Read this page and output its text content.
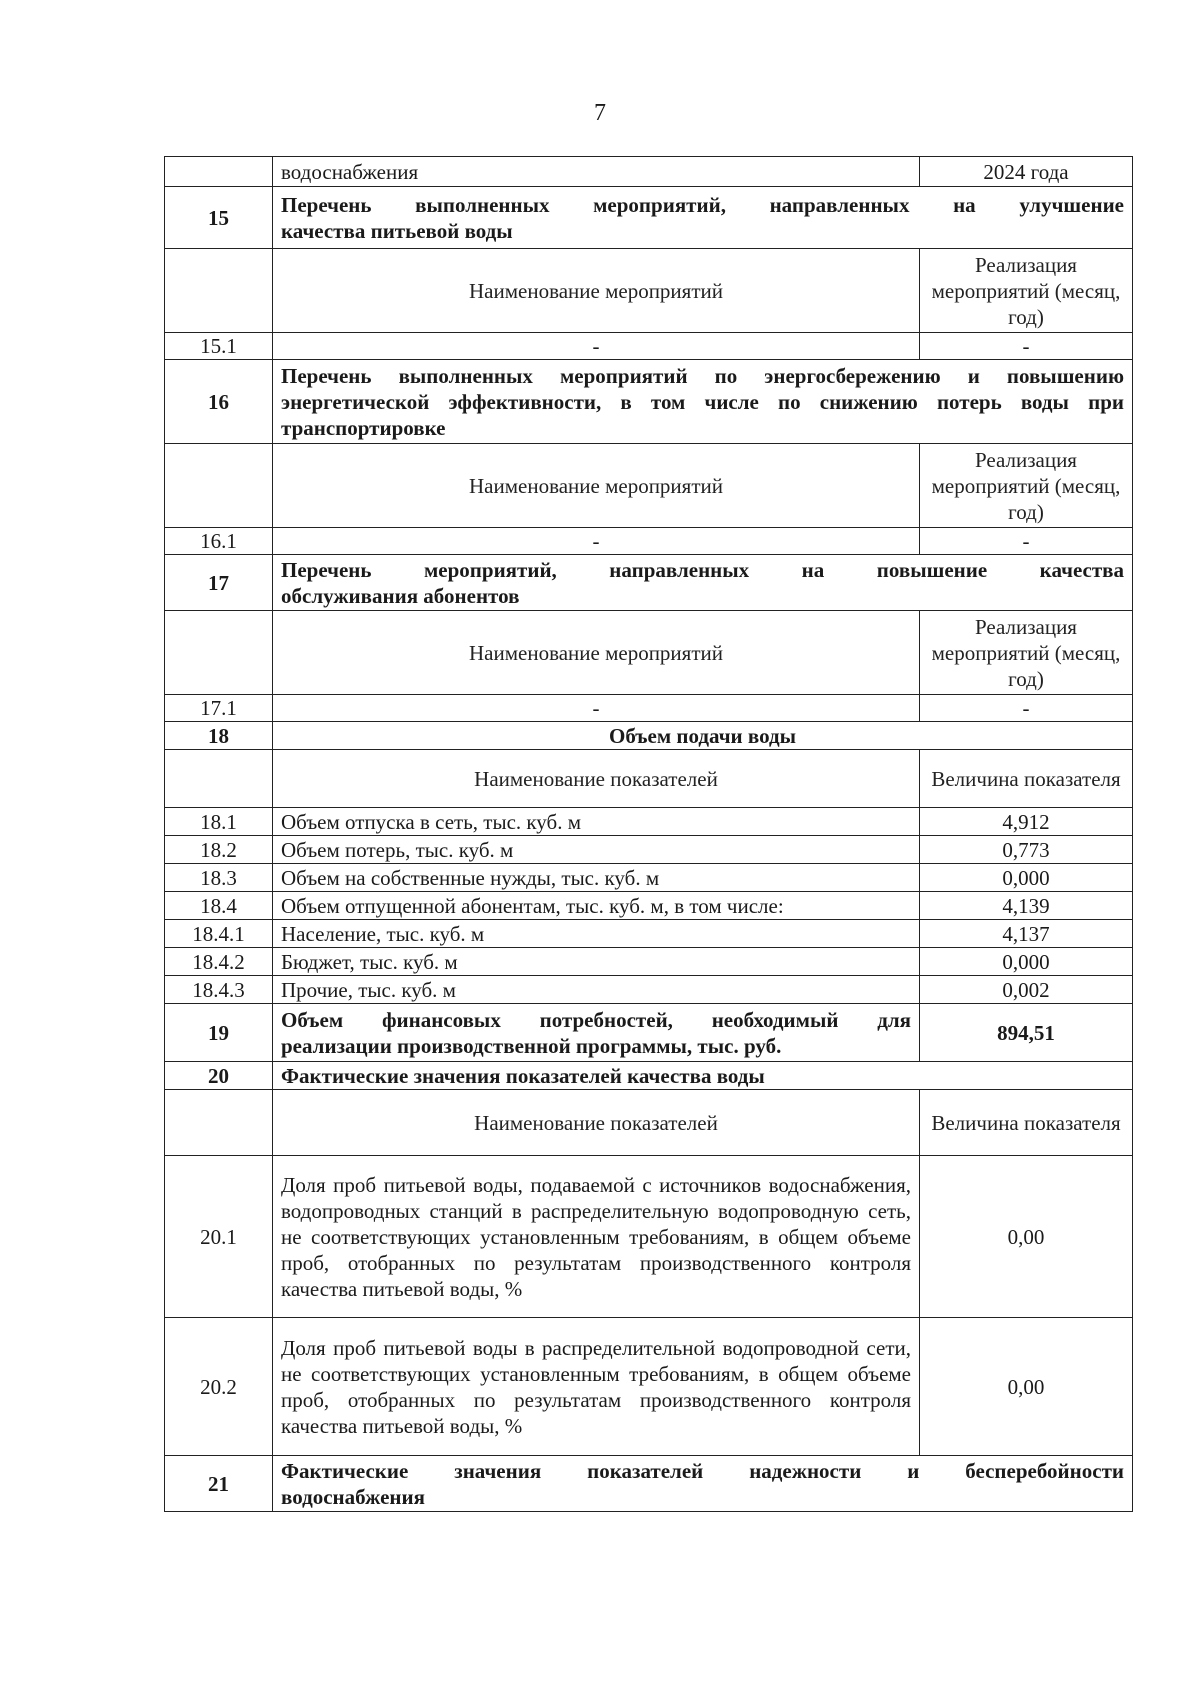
7
	водоснабжения	2024 года
15	Перечень выполненных мероприятий, направленных на улучшение
качества питьевой воды	

	Наименование мероприятий	Реализация мероприятий (месяц, год)
15.1	-	-
16	Перечень выполненных мероприятий по энергосбережению и повышению
энергетической эффективности, в том числе по снижению потерь воды при
транспортировке	

	Наименование мероприятий	Реализация мероприятий (месяц, год)
16.1	-	-
17	Перечень мероприятий, направленных на повышение качества
обслуживания абонентов	

	Наименование мероприятий	Реализация мероприятий (месяц, год)
17.1	-	-
18	Объем подачи воды	
	Наименование показателей	Величина показателя
18.1	Объем отпуска в сеть, тыс. куб. м	4,912
18.2	Объем потерь, тыс. куб. м	0,773
18.3	Объем на собственные нужды, тыс. куб. м	0,000
18.4	Объем отпущенной абонентам, тыс. куб. м, в том числе:	4,139
18.4.1	Население, тыс. куб. м	4,137
18.4.2	Бюджет, тыс. куб. м	0,000
18.4.3	Прочие, тыс. куб. м	0,002
19	Объем финансовых потребностей, необходимый для
реализации производственной программы, тыс. руб.	894,51
20	Фактические значения показателей качества воды	
	Наименование показателей	Величина показателя
20.1	Доля проб питьевой воды, подаваемой с источников водоснабжения, водопроводных станций в распределительную водопроводную сеть, не соответствующих установленным требованиям, в общем объеме проб, отобранных по результатам производственного контроля качества питьевой воды, %	0,00
20.2	Доля проб питьевой воды в распределительной водопроводной сети, не соответствующих установленным требованиям, в общем объеме проб, отобранных по результатам производственного контроля качества питьевой воды, %	0,00
21	Фактические значения показателей надежности и бесперебойности
водоснабжения	
